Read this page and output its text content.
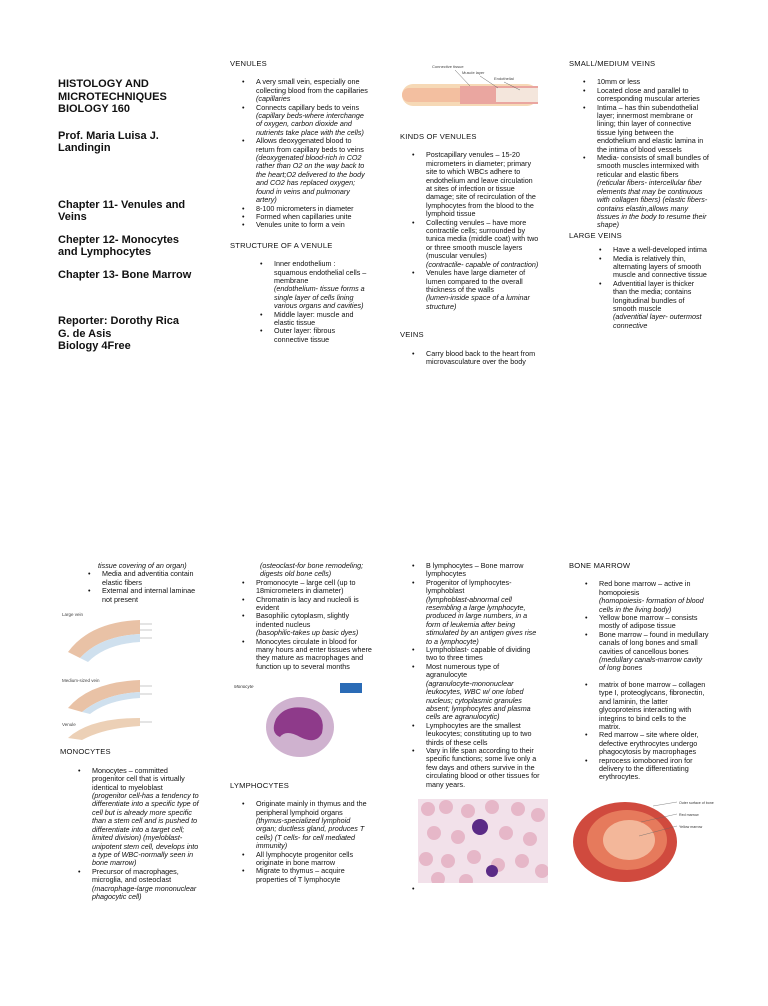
HISTOLOGY AND
MICROTECHNIQUES
BIOLOGY 160
Prof. Maria Luisa J.
Landingin
Chapter 11- Venules and
Veins
Chepter 12- Monocytes
and Lymphocytes
Chapter 13- Bone Marrow
Reporter: Dorothy Rica
G. de Asis
Biology 4Free
VENULES
• A very small vein, especially one collecting blood from the capillaries
(capillaries
• Connects capillary beds to veins
(capillary beds-where interchange of oxygen, carbon dioxide and nutrients take place with the cells)
• Allows deoxygenated blood to return from capillary beds to veins
(deoxygenated blood-rich in CO2 rather than O2 on the way back to the heart;O2 delivered to the body and CO2 has replaced oxygen; found in veins and pulmonary artery)
• 8-100 micrometers in diameter
• Formed when capillaries unite
• Venules unite to form a vein
STRUCTURE OF A VENULE
• Inner endothelium : squamous endothelial cells – membrane
(endothelium- tissue forms a single layer of cells lining various organs and cavities)
• Middle layer: muscle and elastic tissue
• Outer layer: fibrous connective tissue
Connective tissue
Muscle layer
Endothelial
KINDS OF VENULES
• Postcapillary venules – 15-20 micrometers in diameter; primary site to which WBCs adhere to endothelium and leave circulation at sites of infection or tissue damage; site of recirculation of the lymphocytes from the blood to the lymphoid tissue
• Collecting venules – have more contractile cells; surrounded by tunica media (middle coat) with two or three smooth muscle layers (muscular venules)
(contractile- capable of contraction)
• Venules have large diameter of lumen compared to the overall thickness of the walls
(lumen-inside space of a luminar structure)
VEINS
• Carry blood back to the heart from microvasculature over the body
SMALL/MEDIUM VEINS
• 10mm or less
• Located close and parallel to corresponding muscular arteries
• Intima – has thin subendothelial layer; innermost membrane or lining; thin layer of connective tissue lying between the endothelium and elastic lamina in the intima of blood vessels
• Media- consists of small bundles of smooth muscles intermixed with reticular and elastic fibers
(reticular fibers- intercellular fiber elements that may be continuous with collagen fibers) (elastic fibers- contains elastin,allows many tissues in the body to resume their shape)
LARGE VEINS
• Have a well-developed intima
• Media is relatively thin, alternating layers of smooth muscle and connective tissue
• Adventitial layer is thicker than the media; contains longitudinal bundles of smooth muscle
(adventitial layer- outermost connective
tissue covering of an organ)
• Media and adventitia contain elastic fibers
• External and internal laminae not present
Large vein
Medium-sized vein
Venule
MONOCYTES
• Monocytes – committed progenitor cell that is virtually identical to myeloblast
(progenitor cell-has a tendency to differentiate into a specific type of cell but is already more specific than a stem cell and is pushed to differentiate into a target cell; limited division) (myeloblast-unipotent stem cell, develops into a type of WBC-normally seen in bone marrow)
• Precursor of macrophages, microglia, and osteoclast
(macrophage-large mononuclear phagocytic cell)
(osteoclast-for bone remodeling; digests old bone cells)
• Promonocyte – large cell (up to 18micrometers in diameter)
• Chromatin is lacy and nucleoli is evident
• Basophilic cytoplasm, slightly indented nucleus
(basophilic-takes up basic dyes)
• Monocytes circulate in blood for many hours and enter tissues where they mature as macrophages and function up to several months
Monocyte
LYMPHOCYTES
• Originate mainly in thymus and the peripheral lymphoid organs
(thymus-specialized lymphoid organ; ductless gland, produces T cells) (T cells- for cell mediated immunity)
• All lymphocyte progenitor cells originate in bone marrow
• Migrate to thymus – acquire properties of T lymphocyte
• B lymphocytes – Bone marrow lymphocytes
• Progenitor of lymphocytes- lymphoblast
(lymphoblast-abnormal cell resembling a large lymphocyte, produced in large numbers, in a form of leukemia after being stimulated by an antigen gives rise to a lymphocyte)
• Lymphoblast- capable of dividing two to three times
• Most numerous type of agranulocyte
(agranulocyte-mononuclear leukocytes, WBC w/ one lobed nucleus; cytoplasmic granules absent; lymphocytes and plasma cells are agranulocytic)
• Lymphocytes are the smallest leukocytes; constituting up to two thirds of these cells
• Vary in life span according to their specific functions; some live only a few days and others survive in the circulating blood or other tissues for many years.
BONE MARROW
• Red bone marrow – active in homopoiesis
(homopoiesis- formation of blood cells in the living body)
• Yellow bone marrow – consists mostly of adipose tissue
• Bone marrow – found in medullary canals of long bones and small cavities of cancellous bones
(medullary canals-marrow cavity of long bones
• matrix of bone marrow – collagen type I, proteoglycans, fibronectin, and laminin, the latter glycoproteins interacting with integrins to bind cells to the matrix.
• Red marrow – site where older, defective erythrocytes undergo phagocytosis by macrophages
• reprocess iomoboned iron for delivery to the differentiating erythrocytes.
Outer surface of bone
Red marrow
Yellow marrow
